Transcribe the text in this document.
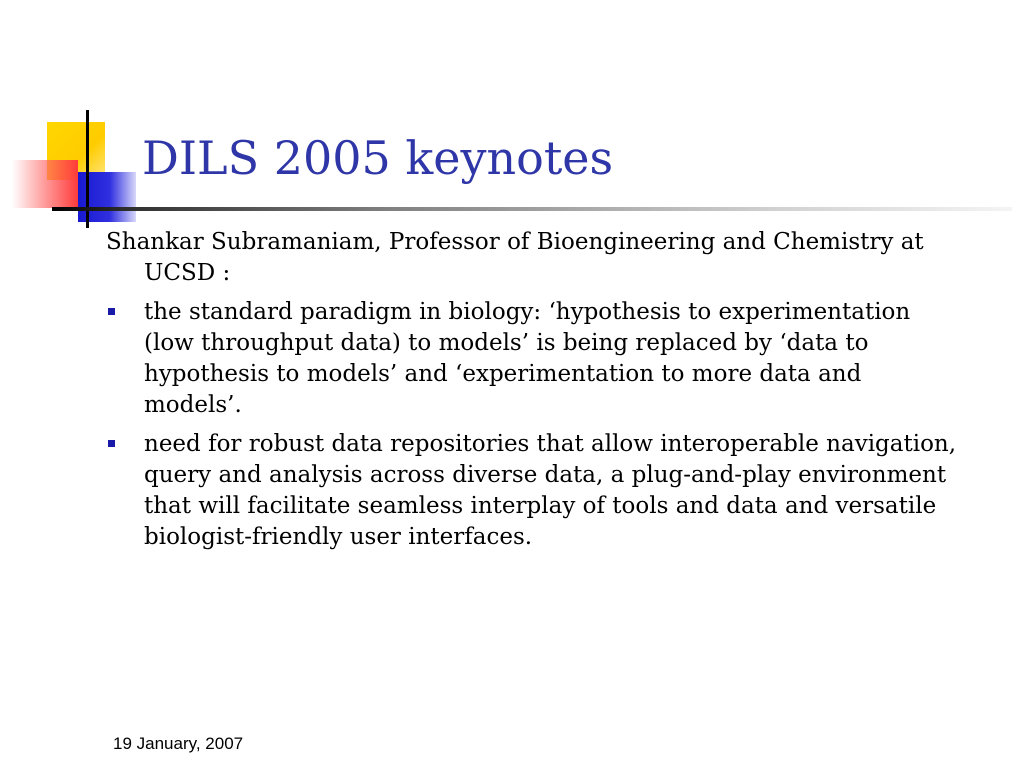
DILS 2005 keynotes

Shankar Subramaniam, Professor of Bioengineering and Chemistry at UCSD :

the standard paradigm in biology: ‘hypothesis to experimentation (low throughput data) to models’ is being replaced by ‘data to hypothesis to models’ and ‘experimentation to more data and models’.
need for robust data repositories that allow interoperable navigation, query and analysis across diverse data, a plug-and-play environment that will facilitate seamless interplay of tools and data and versatile biologist-friendly user interfaces.
19 January, 2007
